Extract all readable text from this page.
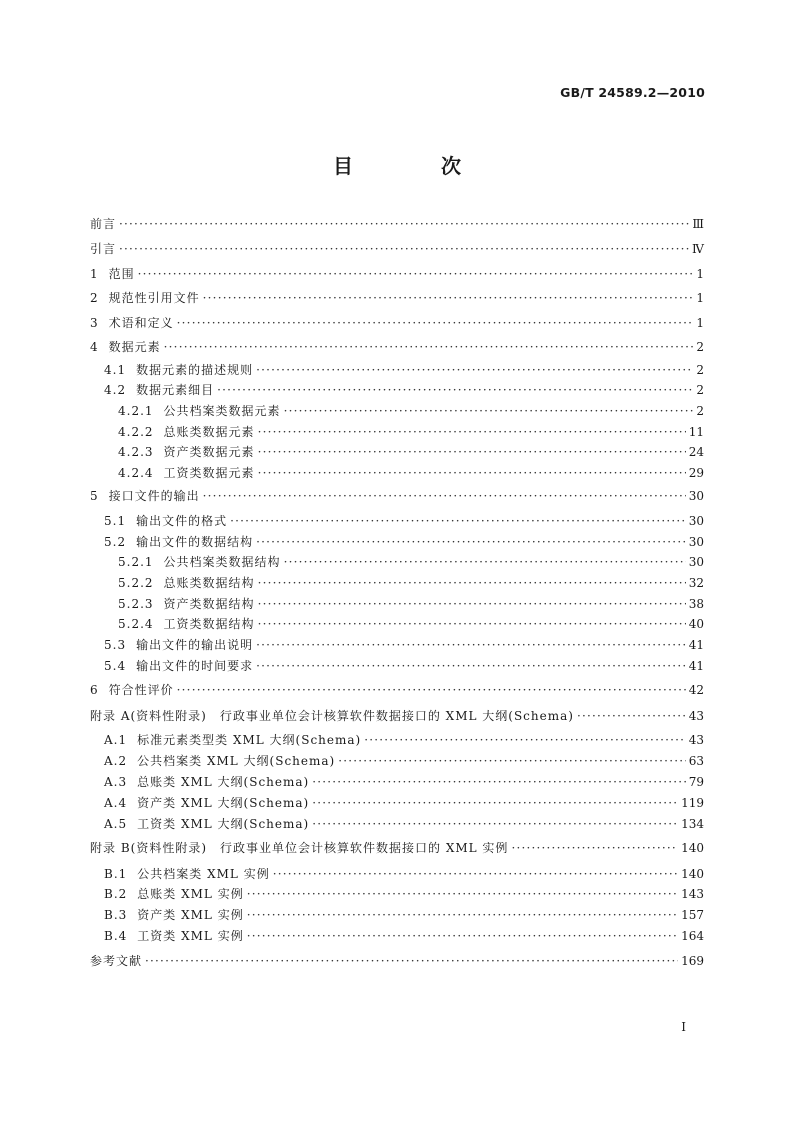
GB/T 24589.2—2010
目　次
前言 ·····	Ⅲ
引言 ·····	Ⅳ
1 范围 ·····	1
2 规范性引用文件 ·····	1
3 术语和定义 ·····	1
4 数据元素 ·····	2
4.1 数据元素的描述规则 ·····	2
4.2 数据元素细目 ·····	2
4.2.1 公共档案类数据元素 ·····	2
4.2.2 总账类数据元素 ·····	11
4.2.3 资产类数据元素 ·····	24
4.2.4 工资类数据元素 ·····	29
5 接口文件的输出 ·····	30
5.1 输出文件的格式 ·····	30
5.2 输出文件的数据结构 ·····	30
5.2.1 公共档案类数据结构 ·····	30
5.2.2 总账类数据结构 ·····	32
5.2.3 资产类数据结构 ·····	38
5.2.4 工资类数据结构 ·····	40
5.3 输出文件的输出说明 ·····	41
5.4 输出文件的时间要求 ·····	41
6 符合性评价 ·····	42
附录 A (资料性附录)　行政事业单位会计核算软件数据接口的 XML 大纲(Schema) ·····	43
A.1 标准元素类型类 XML 大纲(Schema) ·····	43
A.2 公共档案类 XML 大纲(Schema) ·····	63
A.3 总账类 XML 大纲(Schema) ·····	79
A.4 资产类 XML 大纲(Schema) ·····	119
A.5 工资类 XML 大纲(Schema) ·····	134
附录 B (资料性附录)　行政事业单位会计核算软件数据接口的 XML 实例 ·····	140
B.1 公共档案类 XML 实例 ·····	140
B.2 总账类 XML 实例 ·····	143
B.3 资产类 XML 实例 ·····	157
B.4 工资类 XML 实例 ·····	164
参考文献 ·····	169
I
